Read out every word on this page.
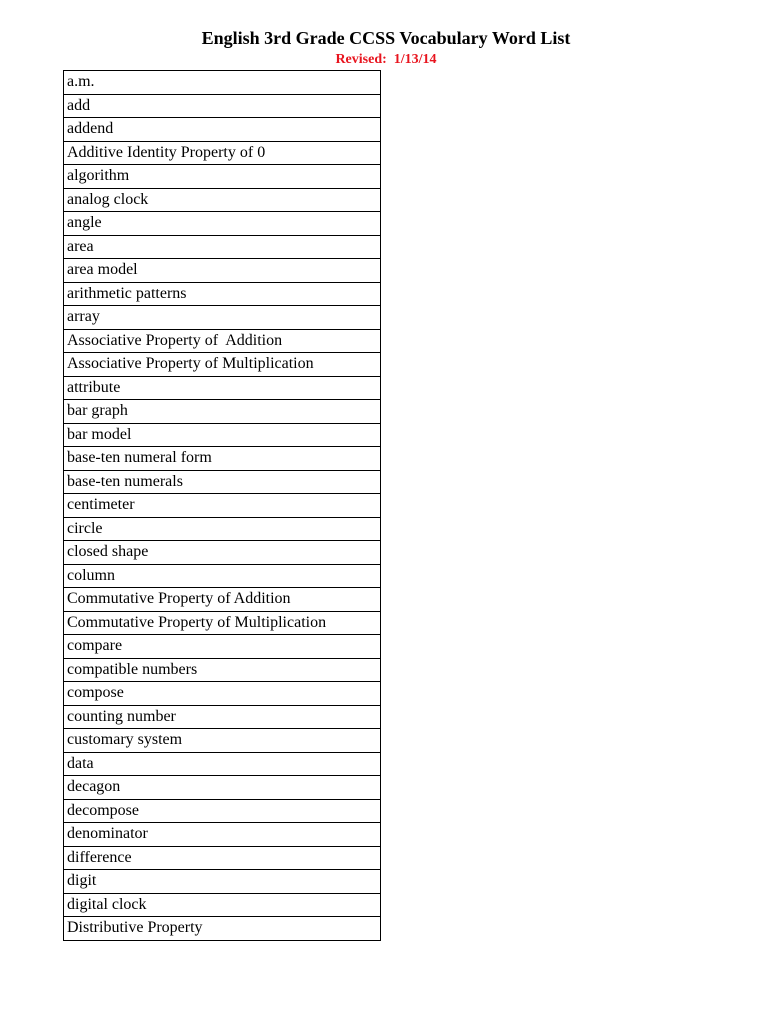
English 3rd Grade CCSS Vocabulary Word List
Revised:  1/13/14
a.m.
add
addend
Additive Identity Property of 0
algorithm
analog clock
angle
area
area model
arithmetic patterns
array
Associative Property of  Addition
Associative Property of Multiplication
attribute
bar graph
bar model
base-ten numeral form
base-ten numerals
centimeter
circle
closed shape
column
Commutative Property of Addition
Commutative Property of Multiplication
compare
compatible numbers
compose
counting number
customary system
data
decagon
decompose
denominator
difference
digit
digital clock
Distributive Property
